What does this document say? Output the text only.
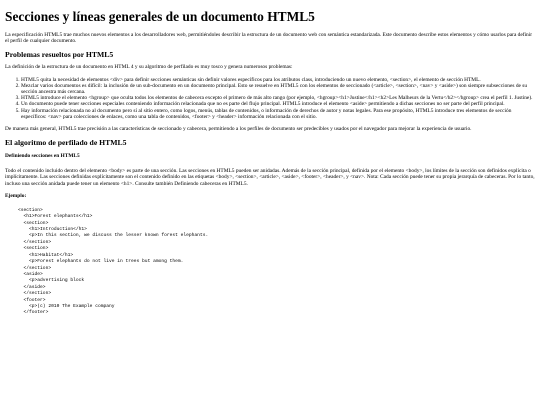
Secciones y líneas generales de un documento HTML5

La especificación HTML5 trae muchos nuevos elementos a los desarrolladores web, permitiéndoles describir la estructura de un documento web con semántica estandarizada. Este documento describe estos elementos y cómo usarlos para definir el perfil de cualquier documento.

Problemas resueltos por HTML5

La definición de la estructura de un documento en HTML 4 y su algoritmo de perfilado es muy tosco y genera numerosos problemas:

1. HTML5 quita la necesidad de elementos <div> para definir secciones semánticas sin definir valores específicos para los atributos class, introduciendo un nuevo elemento, <section>, el elemento de sección HTML.
2. Mezclar varios documentos es difícil: la inclusión de un sub-documento en un documento principal. Esto se resuelve en HTML5 con los elementos de seccionado (<article>, <section>, <nav> y <aside>) son siempre subsecciones de su sección ancestra más cercana.
3. HTML5 introduce el elemento <hgroup> que oculta todos los elementos de cabecera excepto el primero de más alto rango (por ejemplo, <hgroup><h1>Justine</h1><h2>Les Malheurs de la Vertu</h2></hgroup> crea el perfil 1. Justine).
4. Un documento puede tener secciones especiales conteniendo información relacionada que no es parte del flujo principal. HTML5 introduce el elemento <aside> permitiendo a dichas secciones no ser parte del perfil principal.
5. Hay información relacionada no al documento pero sí al sitio entero, como logos, menús, tablas de contenidos, o información de derechos de autor y notas legales. Para ese propósito, HTML5 introduce tres elementos de sección específicos: <nav> para colecciones de enlaces, como una tabla de contenidos, <footer> y <header> información relacionada con el sitio.

De manera más general, HTML5 trae precisión a las características de seccionado y cabecera, permitiendo a los perfiles de documento ser predecibles y usados por el navegador para mejorar la experiencia de usuario.

El algoritmo de perfilado de HTML5
Definiendo secciones en HTML5

Todo el contenido incluido dentro del elemento <body> es parte de una sección. Las secciones en HTML5 pueden ser anidadas. Además de la sección principal, definida por el elemento <body>, los límites de la sección son definidos explícita o implícitamente. Las secciones definidas explícitamente son el contenido definido en las etiquetas <body>, <section>, <article>, <aside>, <footer>, <header>, y <nav>. Nota: Cada sección puede tener su propia jerarquía de cabeceras. Por lo tanto, incluso una sección anidada puede tener un elemento <h1>. Consulte también Definiendo cabeceras en HTML5.

Ejemplo:
<section>
<h1>Forest elephants</h1>
<section>
<h1>Introduction</h1>
<p>In this section, we discuss the lesser known forest elephants.
</section>
<section>
<h1>Habitat</h1>
<p>Forest elephants do not live in trees but among them.
</section>
<aside>
<p>advertising block
</aside>
</section>
<footer>
<p>(c) 2010 The Example company
</footer>
